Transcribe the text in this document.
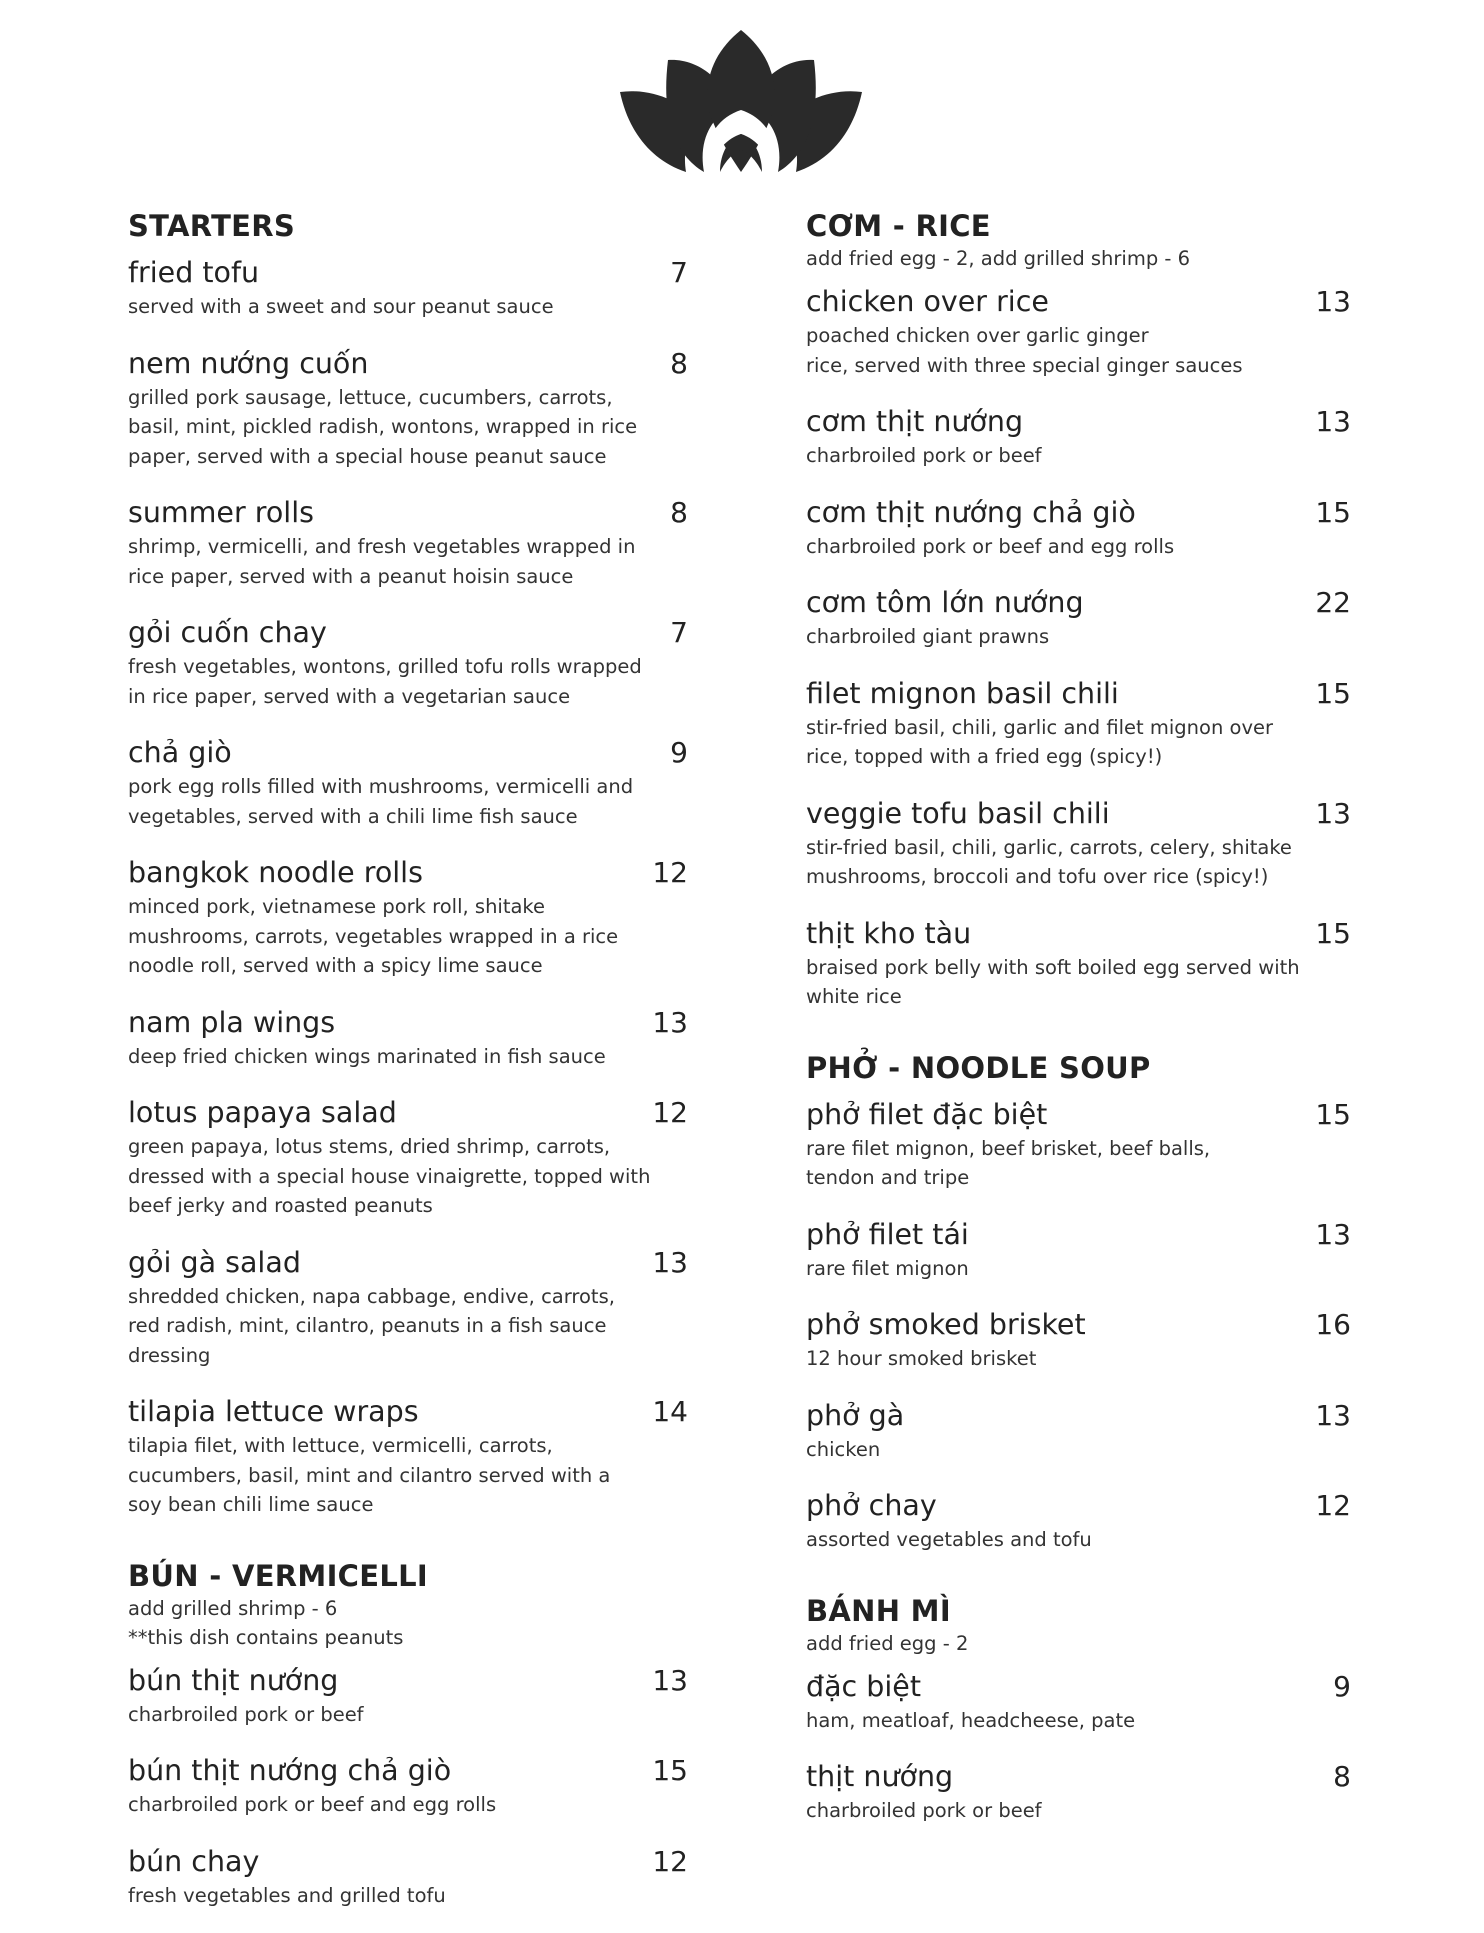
STARTERS
fried tofu	7
served with a sweet and sour peanut sauce
nem nướng cuốn	8
grilled pork sausage, lettuce, cucumbers, carrots,
basil, mint, pickled radish, wontons, wrapped in rice
paper, served with a special house peanut sauce
summer rolls	8
shrimp, vermicelli, and fresh vegetables wrapped in
rice paper, served with a peanut hoisin sauce
gỏi cuốn chay	7
fresh vegetables, wontons, grilled tofu rolls wrapped
in rice paper, served with a vegetarian sauce
chả giò	9
pork egg rolls filled with mushrooms, vermicelli and
vegetables, served with a chili lime fish sauce
bangkok noodle rolls	12
minced pork, vietnamese pork roll, shitake
mushrooms, carrots, vegetables wrapped in a rice
noodle roll, served with a spicy lime sauce
nam pla wings	13
deep fried chicken wings marinated in fish sauce
lotus papaya salad	12
green papaya, lotus stems, dried shrimp, carrots,
dressed with a special house vinaigrette, topped with
beef jerky and roasted peanuts
gỏi gà salad	13
shredded chicken, napa cabbage, endive, carrots,
red radish, mint, cilantro, peanuts in a fish sauce dressing
tilapia lettuce wraps	14
tilapia filet, with lettuce, vermicelli, carrots,
cucumbers, basil, mint and cilantro served with a
soy bean chili lime sauce
BÚN - VERMICELLI

add grilled shrimp - 6

**this dish contains peanuts

bún thịt nướng	13
charbroiled pork or beef
bún thịt nướng chả giò	15
charbroiled pork or beef and egg rolls
bún chay	12
fresh vegetables and grilled tofu
CƠM - RICE

add fried egg - 2, add grilled shrimp - 6

chicken over rice	13
poached chicken over garlic ginger
rice, served with three special ginger sauces
cơm thịt nướng	13
charbroiled pork or beef
cơm thịt nướng chả giò	15
charbroiled pork or beef and egg rolls
cơm tôm lớn nướng	22
charbroiled giant prawns
filet mignon basil chili	15
stir-fried basil, chili, garlic and filet mignon over
rice, topped with a fried egg (spicy!)
veggie tofu basil chili	13
stir-fried basil, chili, garlic, carrots, celery, shitake
mushrooms, broccoli and tofu over rice (spicy!)
thịt kho tàu	15
braised pork belly with soft boiled egg served with
white rice
PHỞ - NOODLE SOUP
phở filet đặc biệt	15
rare filet mignon, beef brisket, beef balls,
tendon and tripe
phở filet tái	13
rare filet mignon
phở smoked brisket	16
12 hour smoked brisket
phở gà	13
chicken
phở chay	12
assorted vegetables and tofu
BÁNH MÌ

add fried egg - 2

đặc biệt	9
ham, meatloaf, headcheese, pate
thịt nướng	8
charbroiled pork or beef
